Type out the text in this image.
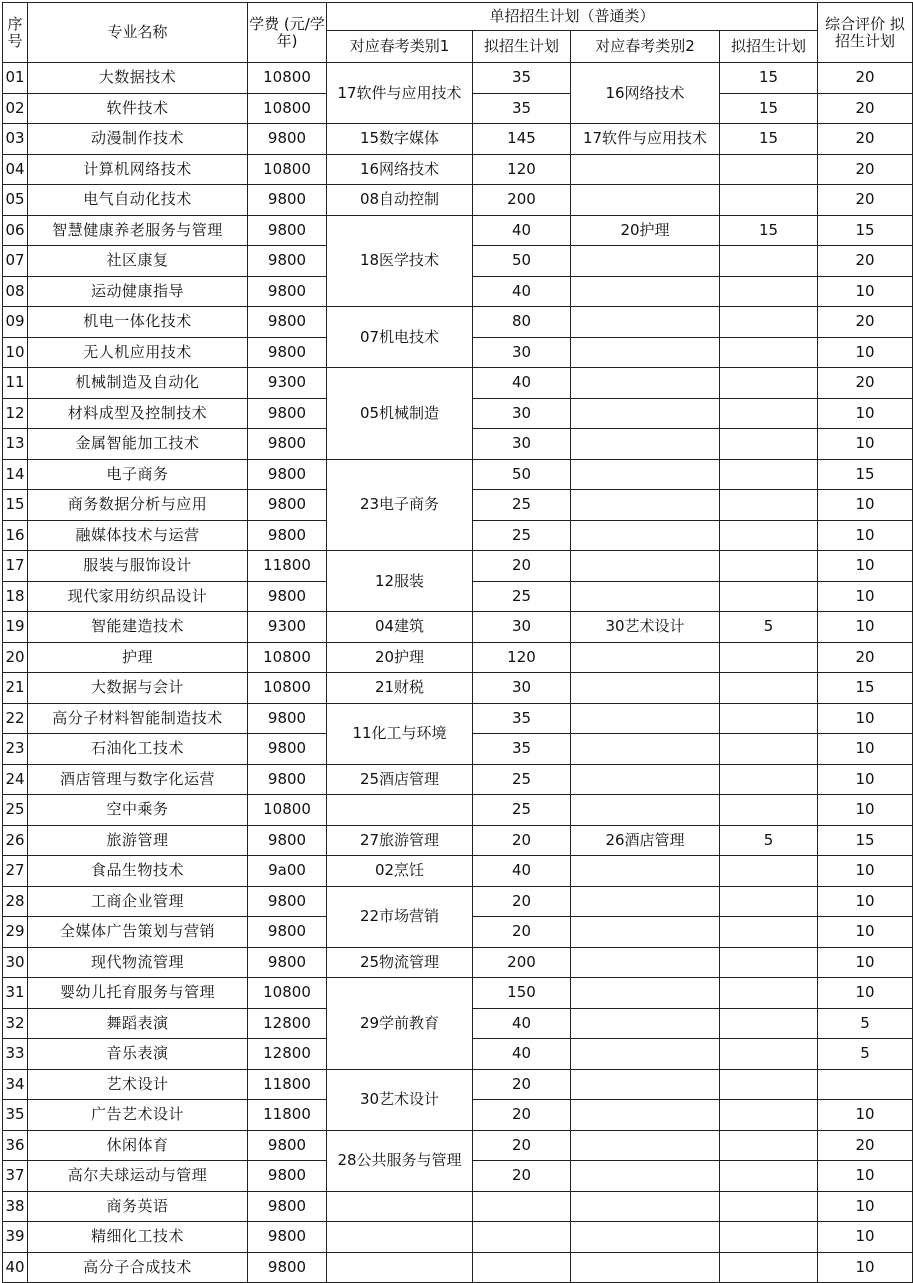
序号	专业名称	学费 (元/学年)	单招招生计划（普通类）				综合评价 拟招生计划
			对应春考类别1	拟招生计划	对应春考类别2	拟招生计划	
01	大数据技术	10800	17软件与应用技术	35	16网络技术	15	20
02	软件技术	10800		35		15	20
03	动漫制作技术	9800	15数字媒体	145	17软件与应用技术	15	20
04	计算机网络技术	10800	16网络技术	120			20
05	电气自动化技术	9800	08自动控制	200			20
06	智慧健康养老服务与管理	9800	18医学技术	40	20护理	15	15
07	社区康复	9800		50			20
08	运动健康指导	9800		40			10
09	机电一体化技术	9800	07机电技术	80			20
10	无人机应用技术	9800		30			10
11	机械制造及自动化	9300	05机械制造	40			20
12	材料成型及控制技术	9800		30			10
13	金属智能加工技术	9800		30			10
14	电子商务	9800	23电子商务	50			15
15	商务数据分析与应用	9800		25			10
16	融媒体技术与运营	9800		25			10
17	服装与服饰设计	11800	12服装	20			10
18	现代家用纺织品设计	9800		25			10
19	智能建造技术	9300	04建筑	30	30艺术设计	5	10
20	护理	10800	20护理	120			20
21	大数据与会计	10800	21财税	30			15
22	高分子材料智能制造技术	9800	11化工与环境	35			10
23	石油化工技术	9800		35			10
24	酒店管理与数字化运营	9800	25酒店管理	25			10
25	空中乘务	10800		25			10
26	旅游管理	9800	27旅游管理	20	26酒店管理	5	15
27	食品生物技术	9a00	02烹饪	40			10
28	工商企业管理	9800	22市场营销	20			10
29	全媒体广告策划与营销	9800		20			10
30	现代物流管理	9800	25物流管理	200			10
31	婴幼儿托育服务与管理	10800	29学前教育	150			10
32	舞蹈表演	12800		40			5
33	音乐表演	12800		40			5
34	艺术设计	11800	30艺术设计	20			
35	广告艺术设计	11800		20			10
36	休闲体育	9800	28公共服务与管理	20			20
37	高尔夫球运动与管理	9800		20			10
38	商务英语	9800					10
39	精细化工技术	9800					10
40	高分子合成技术	9800					10
